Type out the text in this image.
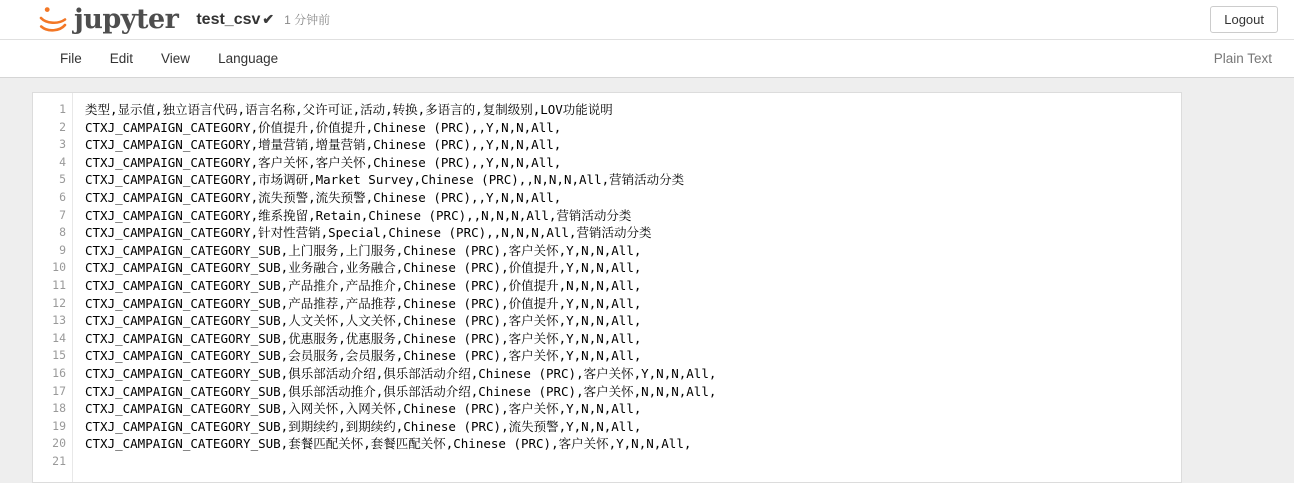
jupyter test_csv ✔ 1 分钟前	Logout
File	Edit	View	Language	Plain Text
1
2
3
4
5
6
7
8
9
10
11
12
13
14
15
16
17
18
19
20
21
类型,显示值,独立语言代码,语言名称,父许可证,活动,转换,多语言的,复制级别,LOV功能说明
CTXJ_CAMPAIGN_CATEGORY,价值提升,价值提升,Chinese (PRC),,Y,N,N,All,
CTXJ_CAMPAIGN_CATEGORY,增量营销,增量营销,Chinese (PRC),,Y,N,N,All,
CTXJ_CAMPAIGN_CATEGORY,客户关怀,客户关怀,Chinese (PRC),,Y,N,N,All,
CTXJ_CAMPAIGN_CATEGORY,市场调研,Market Survey,Chinese (PRC),,N,N,N,All,营销活动分类
CTXJ_CAMPAIGN_CATEGORY,流失预警,流失预警,Chinese (PRC),,Y,N,N,All,
CTXJ_CAMPAIGN_CATEGORY,维系挽留,Retain,Chinese (PRC),,N,N,N,All,营销活动分类
CTXJ_CAMPAIGN_CATEGORY,针对性营销,Special,Chinese (PRC),,N,N,N,All,营销活动分类
CTXJ_CAMPAIGN_CATEGORY_SUB,上门服务,上门服务,Chinese (PRC),客户关怀,Y,N,N,All,
CTXJ_CAMPAIGN_CATEGORY_SUB,业务融合,业务融合,Chinese (PRC),价值提升,Y,N,N,All,
CTXJ_CAMPAIGN_CATEGORY_SUB,产品推介,产品推介,Chinese (PRC),价值提升,N,N,N,All,
CTXJ_CAMPAIGN_CATEGORY_SUB,产品推荐,产品推荐,Chinese (PRC),价值提升,Y,N,N,All,
CTXJ_CAMPAIGN_CATEGORY_SUB,人文关怀,人文关怀,Chinese (PRC),客户关怀,Y,N,N,All,
CTXJ_CAMPAIGN_CATEGORY_SUB,优惠服务,优惠服务,Chinese (PRC),客户关怀,Y,N,N,All,
CTXJ_CAMPAIGN_CATEGORY_SUB,会员服务,会员服务,Chinese (PRC),客户关怀,Y,N,N,All,
CTXJ_CAMPAIGN_CATEGORY_SUB,俱乐部活动介绍,俱乐部活动介绍,Chinese (PRC),客户关怀,Y,N,N,All,
CTXJ_CAMPAIGN_CATEGORY_SUB,俱乐部活动推介,俱乐部活动介绍,Chinese (PRC),客户关怀,N,N,N,All,
CTXJ_CAMPAIGN_CATEGORY_SUB,入网关怀,入网关怀,Chinese (PRC),客户关怀,Y,N,N,All,
CTXJ_CAMPAIGN_CATEGORY_SUB,到期续约,到期续约,Chinese (PRC),流失预警,Y,N,N,All,
CTXJ_CAMPAIGN_CATEGORY_SUB,套餐匹配关怀,套餐匹配关怀,Chinese (PRC),客户关怀,Y,N,N,All,
